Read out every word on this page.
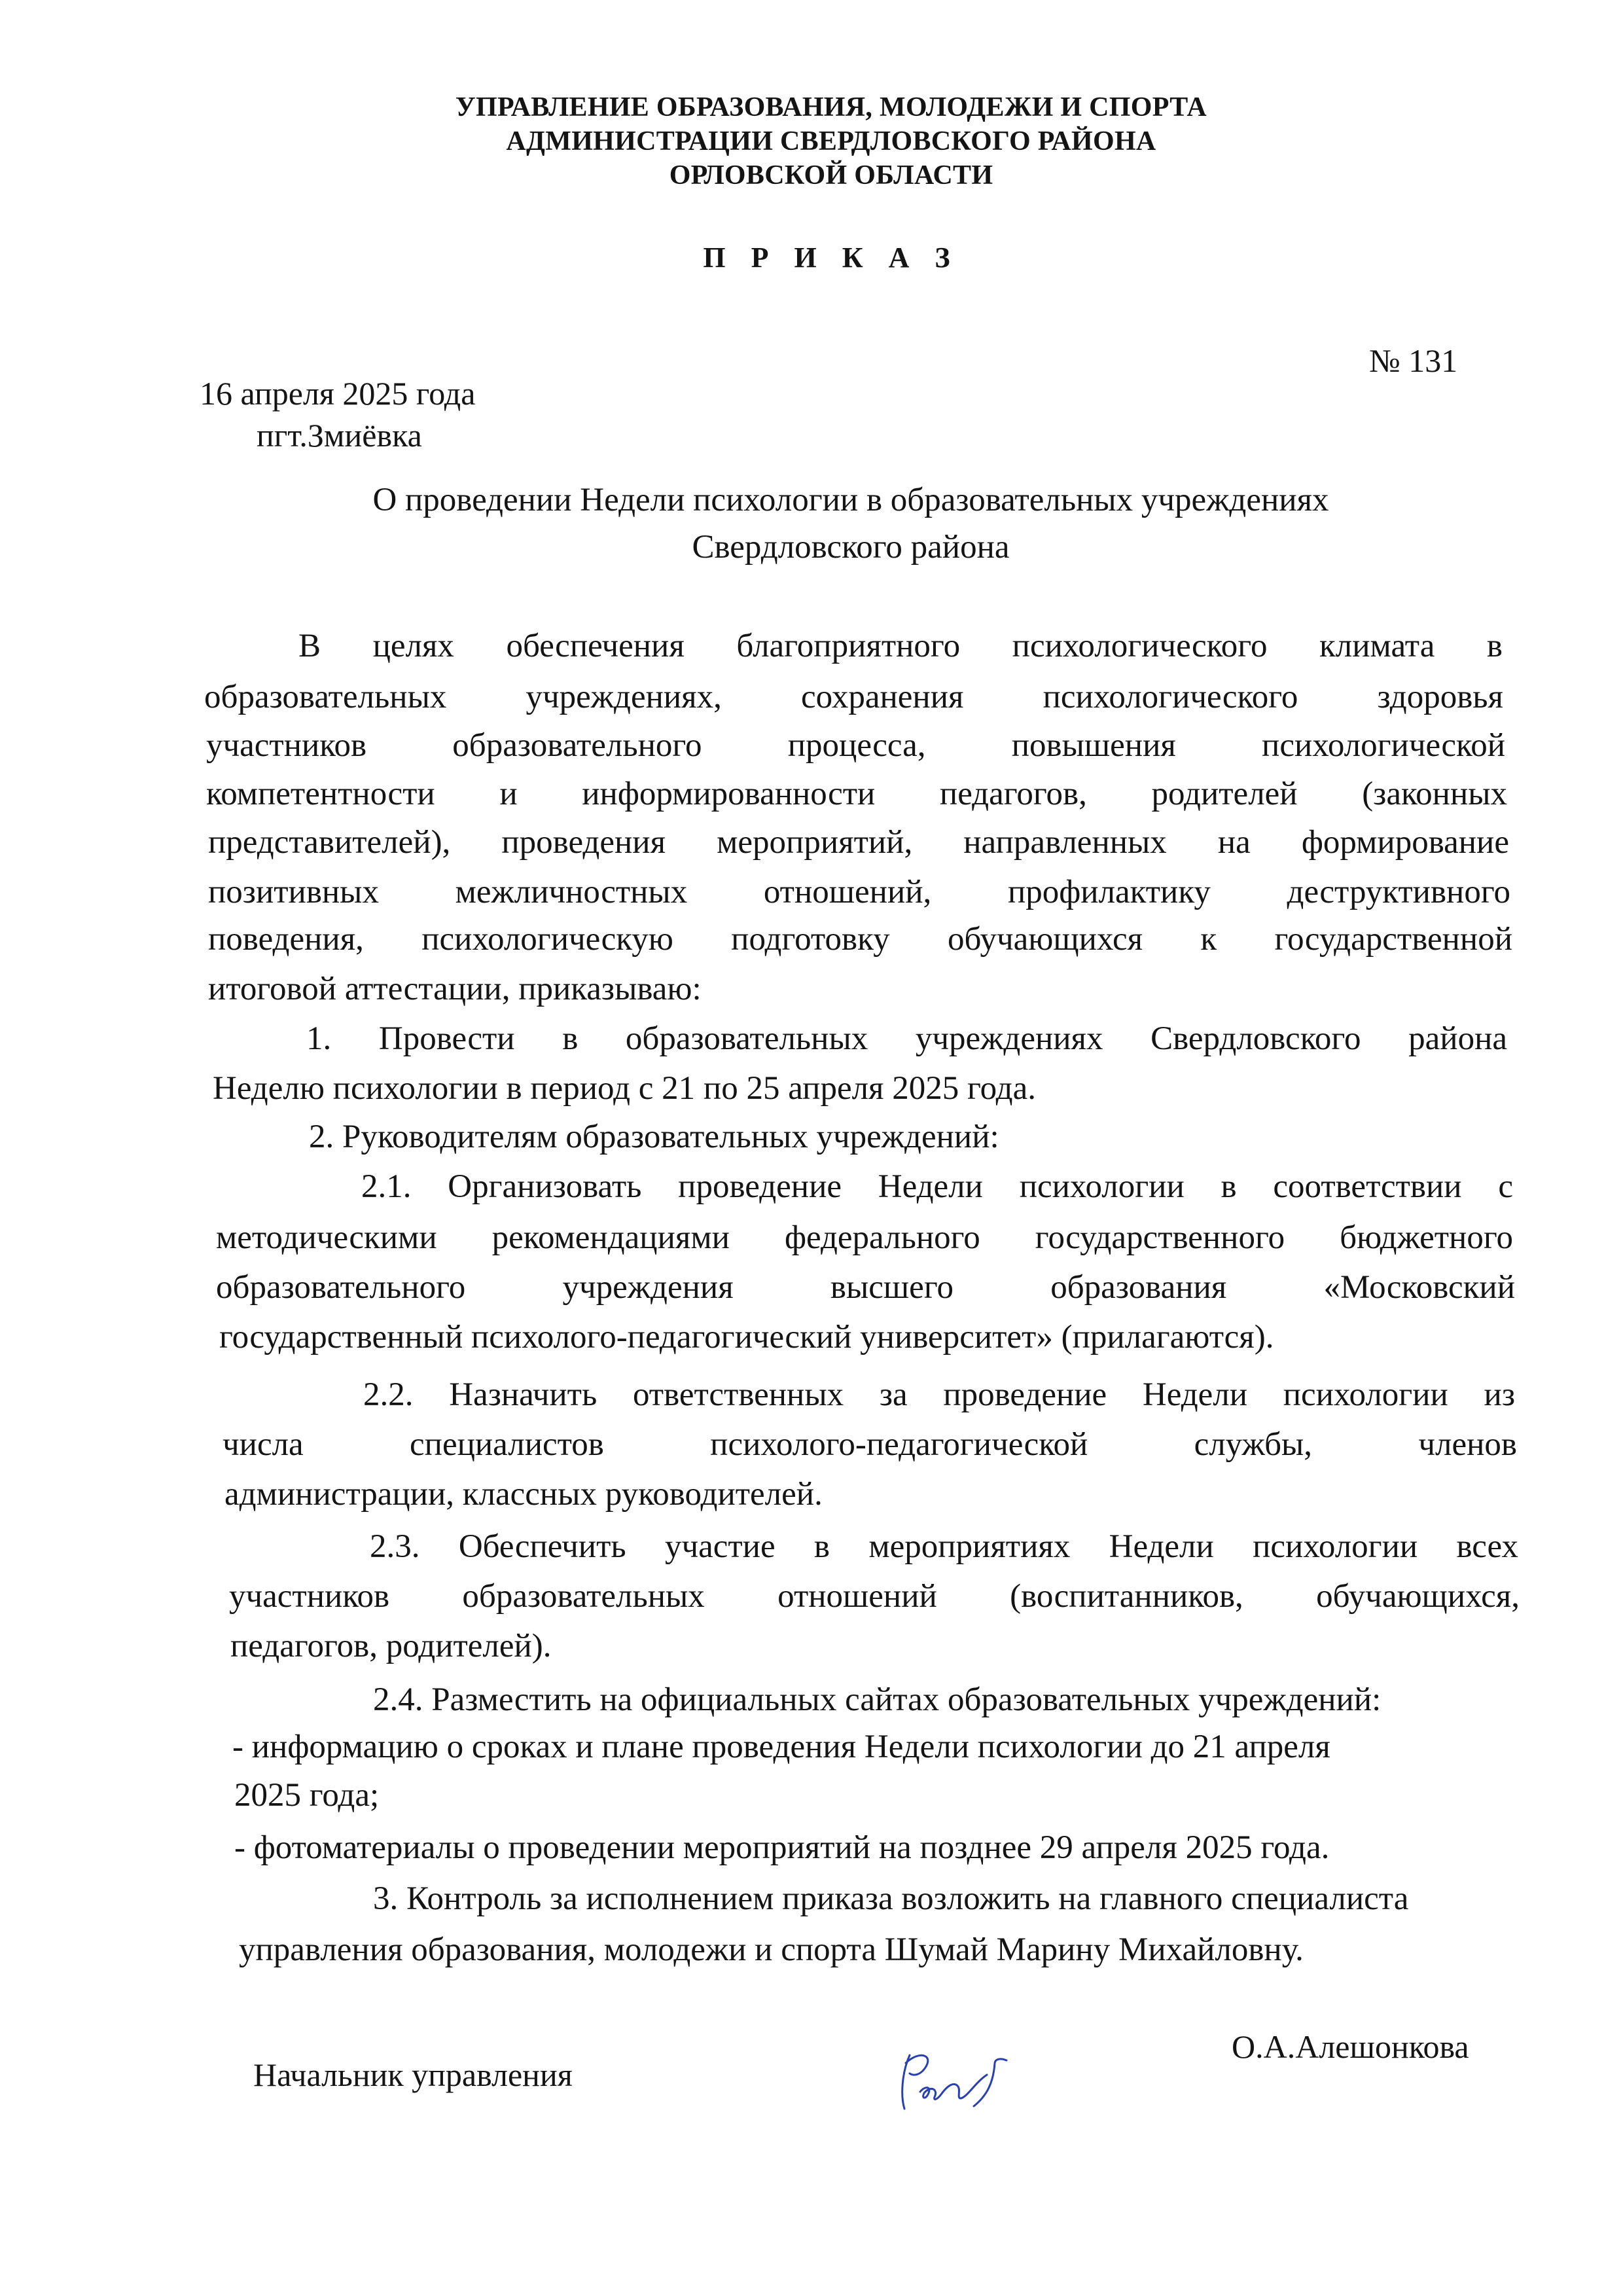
УПРАВЛЕНИЕ ОБРАЗОВАНИЯ, МОЛОДЕЖИ И СПОРТА
АДМИНИСТРАЦИИ СВЕРДЛОВСКОГО РАЙОНА
ОРЛОВСКОЙ ОБЛАСТИ
П Р И К А З
№ 131
16 апреля 2025 года
пгт.Змиёвка
О проведении Недели психологии в образовательных учреждениях
Свердловского района
В целях обеспечения благоприятного психологического климата в
образовательных учреждениях, сохранения психологического здоровья
участников образовательного процесса, повышения психологической
компетентности и информированности педагогов, родителей (законных
представителей), проведения мероприятий, направленных на формирование
позитивных межличностных отношений, профилактику деструктивного
поведения, психологическую подготовку обучающихся к государственной
итоговой аттестации, приказываю:
1. Провести в образовательных учреждениях Свердловского района
Неделю психологии в период с 21 по 25 апреля 2025 года.
2. Руководителям образовательных учреждений:
2.1. Организовать проведение Недели психологии в соответствии с
методическими рекомендациями федерального государственного бюджетного
образовательного учреждения высшего образования «Московский
государственный психолого-педагогический университет» (прилагаются).
2.2. Назначить ответственных за проведение Недели психологии из
числа специалистов психолого-педагогической службы, членов
администрации, классных руководителей.
2.3. Обеспечить участие в мероприятиях Недели психологии всех
участников образовательных отношений (воспитанников, обучающихся,
педагогов, родителей).
2.4. Разместить на официальных сайтах образовательных учреждений:
- информацию о сроках и плане проведения Недели психологии до 21 апреля
2025 года;
- фотоматериалы о проведении мероприятий на позднее 29 апреля 2025 года.
3. Контроль за исполнением приказа возложить на главного специалиста
управления образования, молодежи и спорта Шумай Марину Михайловну.
Начальник управления
О.А.Алешонкова
